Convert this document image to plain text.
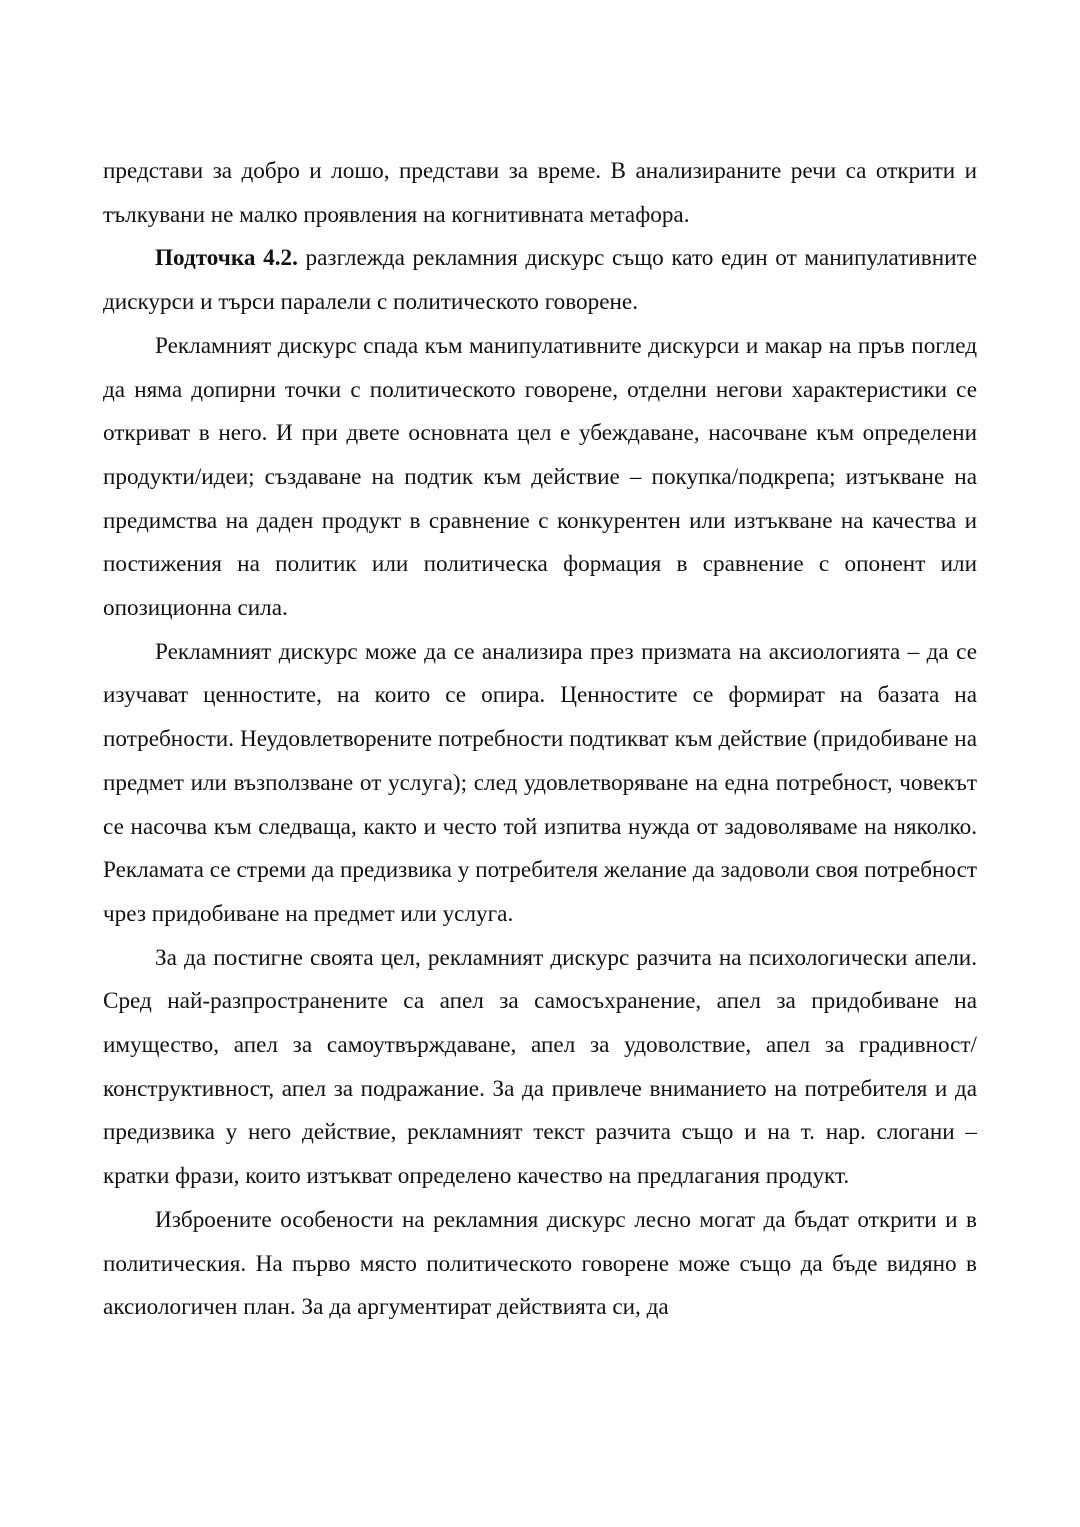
представи за добро и лошо, представи за време. В анализираните речи са открити и тълкувани не малко проявления на когнитивната метафора.

Подточка 4.2. разглежда рекламния дискурс също като един от манипулативните дискурси и търси паралели с политическото говорене.

Рекламният дискурс спада към манипулативните дискурси и макар на пръв поглед да няма допирни точки с политическото говорене, отделни негови характеристики се откриват в него. И при двете основната цел е убеждаване, насочване към определени продукти/идеи; създаване на подтик към действие – покупка/подкрепа; изтъкване на предимства на даден продукт в сравнение с конкурентен или изтъкване на качества и постижения на политик или политическа формация в сравнение с опонент или опозиционна сила.

Рекламният дискурс може да се анализира през призмата на аксиологията – да се изучават ценностите, на които се опира. Ценностите се формират на базата на потребности. Неудовлетворените потребности подтикват към действие (придобиване на предмет или възползване от услуга); след удовлетворяване на една потребност, човекът се насочва към следваща, както и често той изпитва нужда от задоволяваме на няколко. Рекламата се стреми да предизвика у потребителя желание да задоволи своя потребност чрез придобиване на предмет или услуга.

За да постигне своята цел, рекламният дискурс разчита на психологически апели. Сред най-разпространените са апел за самосъхранение, апел за придобиване на имущество, апел за самоутвърждаване, апел за удоволствие, апел за градивност/конструктивност, апел за подражание. За да привлече вниманието на потребителя и да предизвика у него действие, рекламният текст разчита също и на т. нар. слогани – кратки фрази, които изтъкват определено качество на предлагания продукт.

Изброените особености на рекламния дискурс лесно могат да бъдат открити и в политическия. На първо място политическото говорене може също да бъде видяно в аксиологичен план. За да аргументират действията си, да
